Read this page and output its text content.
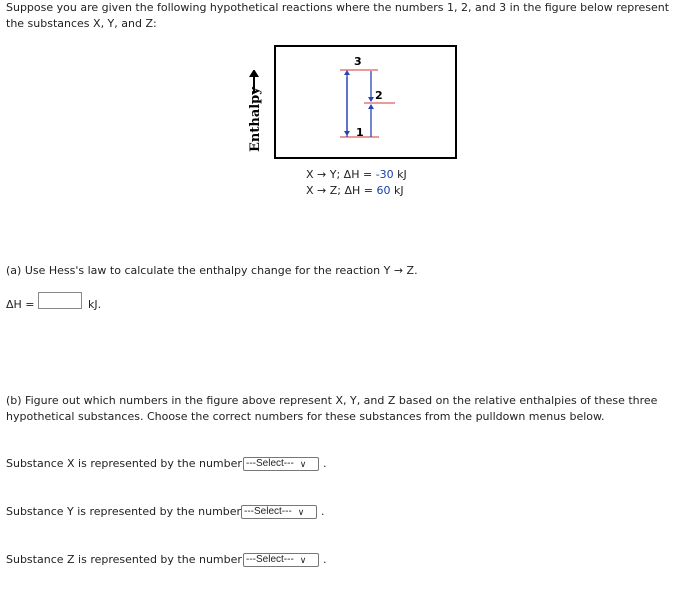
Suppose you are given the following hypothetical reactions where the numbers 1, 2, and 3 in the figure below represent the substances X, Y, and Z:
Enthalpy
3
2
1
X → Y; ΔH = -30 kJ
X → Z; ΔH = 60 kJ
(a) Use Hess's law to calculate the enthalpy change for the reaction Y → Z.
ΔH =	kJ.
(b) Figure out which numbers in the figure above represent X, Y, and Z based on the relative enthalpies of these three hypothetical substances. Choose the correct numbers for these substances from the pulldown menus below.
Substance X is represented by the number ---Select--- ∨ .
Substance Y is represented by the number ---Select--- ∨ .
Substance Z is represented by the number ---Select--- ∨ .
